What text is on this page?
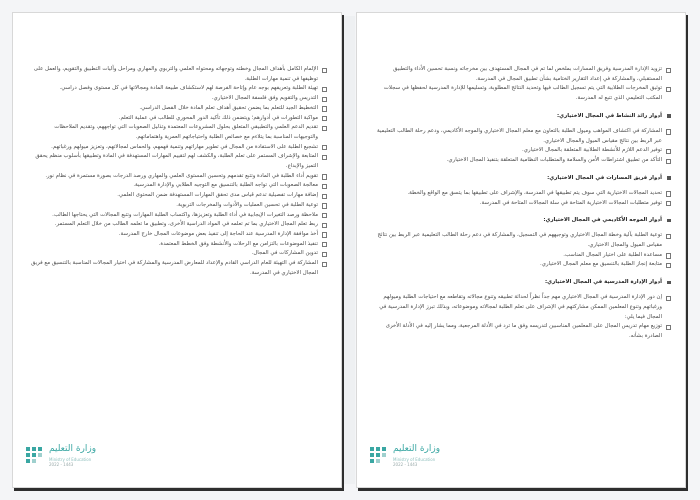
الإلمام الكامل بأهداف المجال وخطته وتوجهاته ومحتواه العلمي والتربوي والمهاري ومراحل وآليات التطبيق والتقويم، والعمل على توظيفها في تنمية مهارات الطلبة.

تهيئة الطلبة وتعريفهم بوجه عام وإتاحة الفرصة لهم لاستكشاف طبيعة المادة ومجالاتها في كل مستوى وفصل دراسي.

التدريس والتقويم وفق فلسفة المجال الاختياري.

التخطيط الجيد للتعلم بما يضمن تحقيق أهداف تعلم المادة خلال الفصل الدراسي.

مواكبة التطورات في أدوارهم؛ ويتضمن ذلك تأكيد الدور المحوري للطالب في عملية التعلم.

تقديم الدعم العلمي والتطبيقي المتعلق بحلول المشروعات المعتمدة وتذليل الصعوبات التي تواجههم، وتقديم الملاحظات والتوجيهات المناسبة بما يتلاءم مع خصائص الطلبة واحتياجاتهم العمرية واهتماماتهم.

تشجيع الطلبة على الاستفادة من المجال في تطوير مهاراتهم وتنمية فهمهم، والحماس لمجالاتهم، وتعزيز ميولهم ورغباتهم.

المتابعة والإشراف المستمر على تعلم الطلبة، والكشف لهم لتقييم المهارات المستهدفة في المادة وتطبيقها بأسلوب منظم يحقق التميز والإبداع.

تقويم أداء الطلبة في المادة وتتبع تقدمهم وتحسين المستوى العلمي والمهاري ورصد الدرجات بصورة مستمرة في نظام نور.

معالجة الصعوبات التي تواجه الطلبة بالتنسيق مع التوجيه الطلابي والإدارة المدرسية.

إضافة مهارات تفصيلية تدعم قياس مدى تحقق المهارات المستهدفة ضمن المحتوى العلمي.

توعية الطلبة في تحسين العمليات والأدوات والمخرجات التربوية.

ملاحظة ورصد التغيرات الإيجابية في أداء الطلبة وتعزيزها، واكتساب الطلبة المهارات وتتبع المجالات التي يحتاجها الطالب.

ربط تعلم المجال الاختياري بما تم تعلمه في المواد الدراسية الأخرى، وتطبيق ما تعلمه الطالب من خلال التعلم المستمر.

أخذ موافقة الإدارة المدرسية عند الحاجة إلى تنفيذ بعض موضوعات المجال خارج المدرسة.

تنفيذ الموضوعات بالتزامن مع الرحلات والأنشطة وفق الخطط المعتمدة.

تدوين المشاركات في المجال.

المشاركة في التهيئة للعام الدراسي القادم والإعداد للمعارض المدرسية والمشاركة في اختيار المجالات المناسبة بالتنسيق مع فريق المجال الاختياري في المدرسة.

وزارة التعليم
Ministry of Education
2022 - 1443

تزويد الإدارة المدرسية وفريق المسارات بملخص لما تم في المجال المستهدف بين مخرجاته ونسبة تحسين الأداء والتطبيق المستقبلي، والمشاركة في إعداد التقارير الختامية بشأن تطبيق المجال في المدرسة.

توثيق المخرجات الطلابية التي يتم تسجيل الطالب فيها وتحديد النتائج المطلوبة، وتسليمها للإدارة المدرسية لحفظها في سجلات المكتب التعليمي الذي تتبع له المدرسة.

أدوار رائد النشاط في المجال الاختياري:

المشاركة في اكتشاف المواهب وميول الطلبة بالتعاون مع معلم المجال الاختياري والموجه الأكاديمي، ودعم رحلة الطالب التعليمية عبر الربط بين نتائج مقياس الميول والمجال الاختياري.

توفير الدعم اللازم للأنشطة الطلابية المتعلقة بالمجال الاختياري.

التأكد من تطبيق اشتراطات الأمن والسلامة والمتطلبات النظامية المتعلقة بتنفيذ المجال الاختياري.

أدوار فريق المسارات في المجال الاختياري:

تحديد المجالات الاختيارية التي سوف يتم تطبيقها في المدرسة، والإشراف على تطبيقها بما يتسق مع الواقع والخطة.

توفير متطلبات المجالات الاختيارية المتاحة في سلة المجالات المتاحة في المدرسة.

أدوار الموجه الأكاديمي في المجال الاختياري:

توعية الطلبة بآلية وخطة المجال الاختياري وتوجيههم في التسجيل، والمشاركة في دعم رحلة الطالب التعليمية عبر الربط بين نتائج مقياس الميول والمجال الاختياري.

مساعدة الطلبة على اختيار المجال المناسب.

متابعة إنجاز الطلبة بالتنسيق مع معلم المجال الاختياري.

أدوار الإدارة المدرسية في المجال الاختياري:

إن دور الإدارة المدرسية في المجال الاختياري مهم جداً نظراً لحداثة تطبيقه وتنوع مجالاته وتقاطعه مع احتياجات الطلبة وميولهم ورغباتهم وتنوع المعلمين الممكن مشاركتهم في الإشراف على تعلم الطلبة لمجالاته وموضوعاته، وبذلك تبرز الإدارة المدرسية في المجال فيما يلي:

توزيع مهام تدريس المجال على المعلمين المناسبين لتدريسه وفق ما ترد في الأدلة المرجعية، ومما يشار إليه في الأدلة الأخرى الصادرة بشأنه.

وزارة التعليم
Ministry of Education
2022 - 1443
